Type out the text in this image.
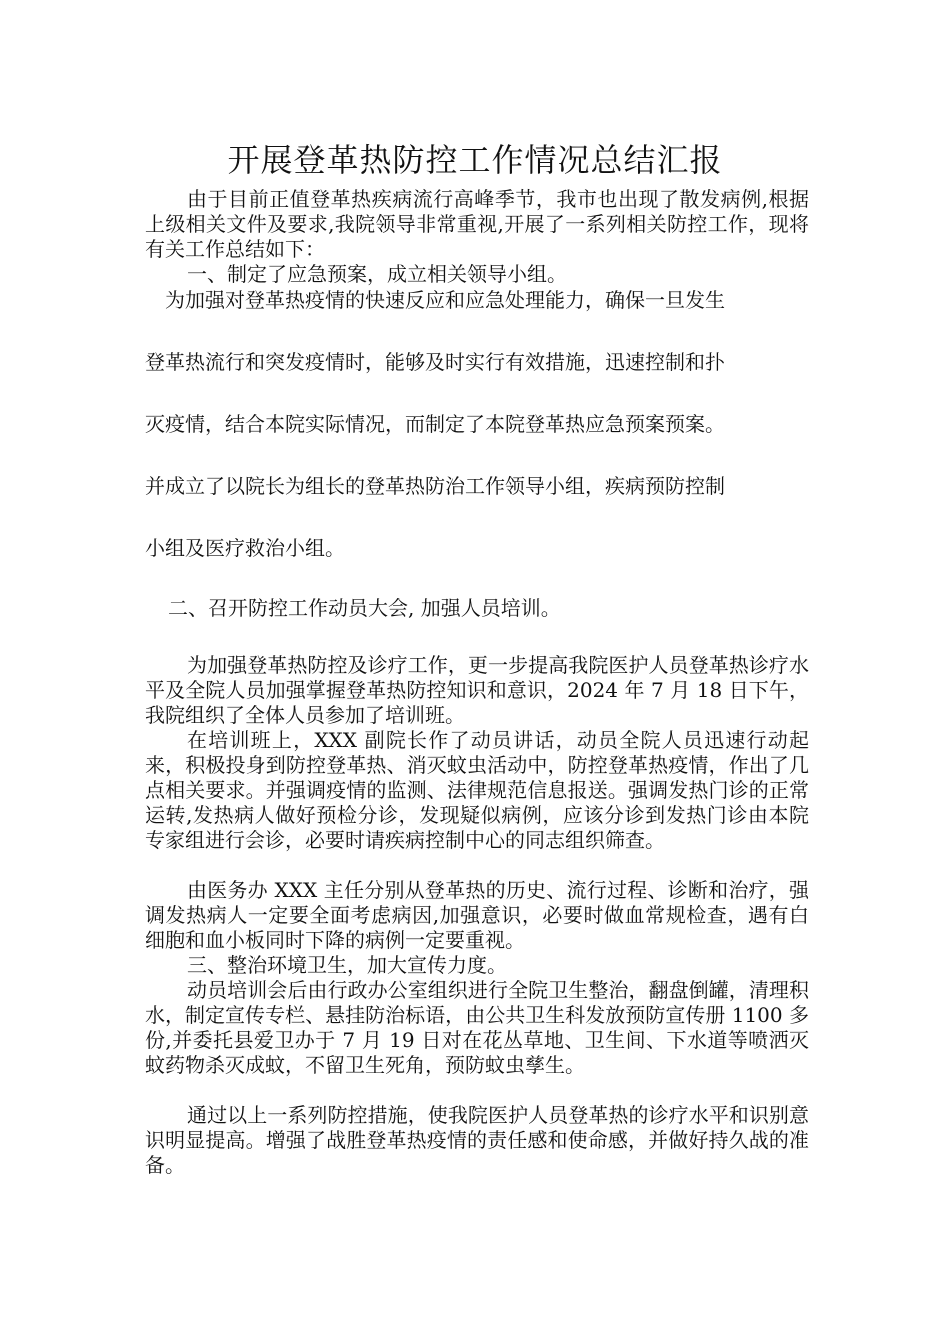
开展登革热防控工作情况总结汇报

由于目前正值登革热疾病流行高峰季节，我市也出现了散发病例,根据上级相关文件及要求,我院领导非常重视,开展了一系列相关防控工作，现将有关工作总结如下：

一、制定了应急预案，成立相关领导小组。

为加强对登革热疫情的快速反应和应急处理能力，确保一旦发生

登革热流行和突发疫情时，能够及时实行有效措施，迅速控制和扑

灭疫情，结合本院实际情况，而制定了本院登革热应急预案预案。

并成立了以院长为组长的登革热防治工作领导小组，疾病预防控制

小组及医疗救治小组。

二、召开防控工作动员大会, 加强人员培训。

为加强登革热防控及诊疗工作，更一步提高我院医护人员登革热诊疗水平及全院人员加强掌握登革热防控知识和意识，2024 年 7 月 18 日下午，我院组织了全体人员参加了培训班。

在培训班上，XXX 副院长作了动员讲话，动员全院人员迅速行动起来，积极投身到防控登革热、消灭蚊虫活动中，防控登革热疫情，作出了几点相关要求。并强调疫情的监测、法律规范信息报送。强调发热门诊的正常运转,发热病人做好预检分诊，发现疑似病例，应该分诊到发热门诊由本院专家组进行会诊，必要时请疾病控制中心的同志组织筛查。

由医务办 XXX 主任分别从登革热的历史、流行过程、诊断和治疗，强调发热病人一定要全面考虑病因,加强意识，必要时做血常规检查，遇有白细胞和血小板同时下降的病例一定要重视。

三、整治环境卫生，加大宣传力度。

动员培训会后由行政办公室组织进行全院卫生整治，翻盘倒罐，清理积水，制定宣传专栏、悬挂防治标语，由公共卫生科发放预防宣传册 1100 多份,并委托县爱卫办于 7 月 19 日对在花丛草地、卫生间、下水道等喷洒灭蚊药物杀灭成蚊，不留卫生死角，预防蚊虫孳生。

通过以上一系列防控措施，使我院医护人员登革热的诊疗水平和识别意识明显提高。增强了战胜登革热疫情的责任感和使命感，并做好持久战的准备。
